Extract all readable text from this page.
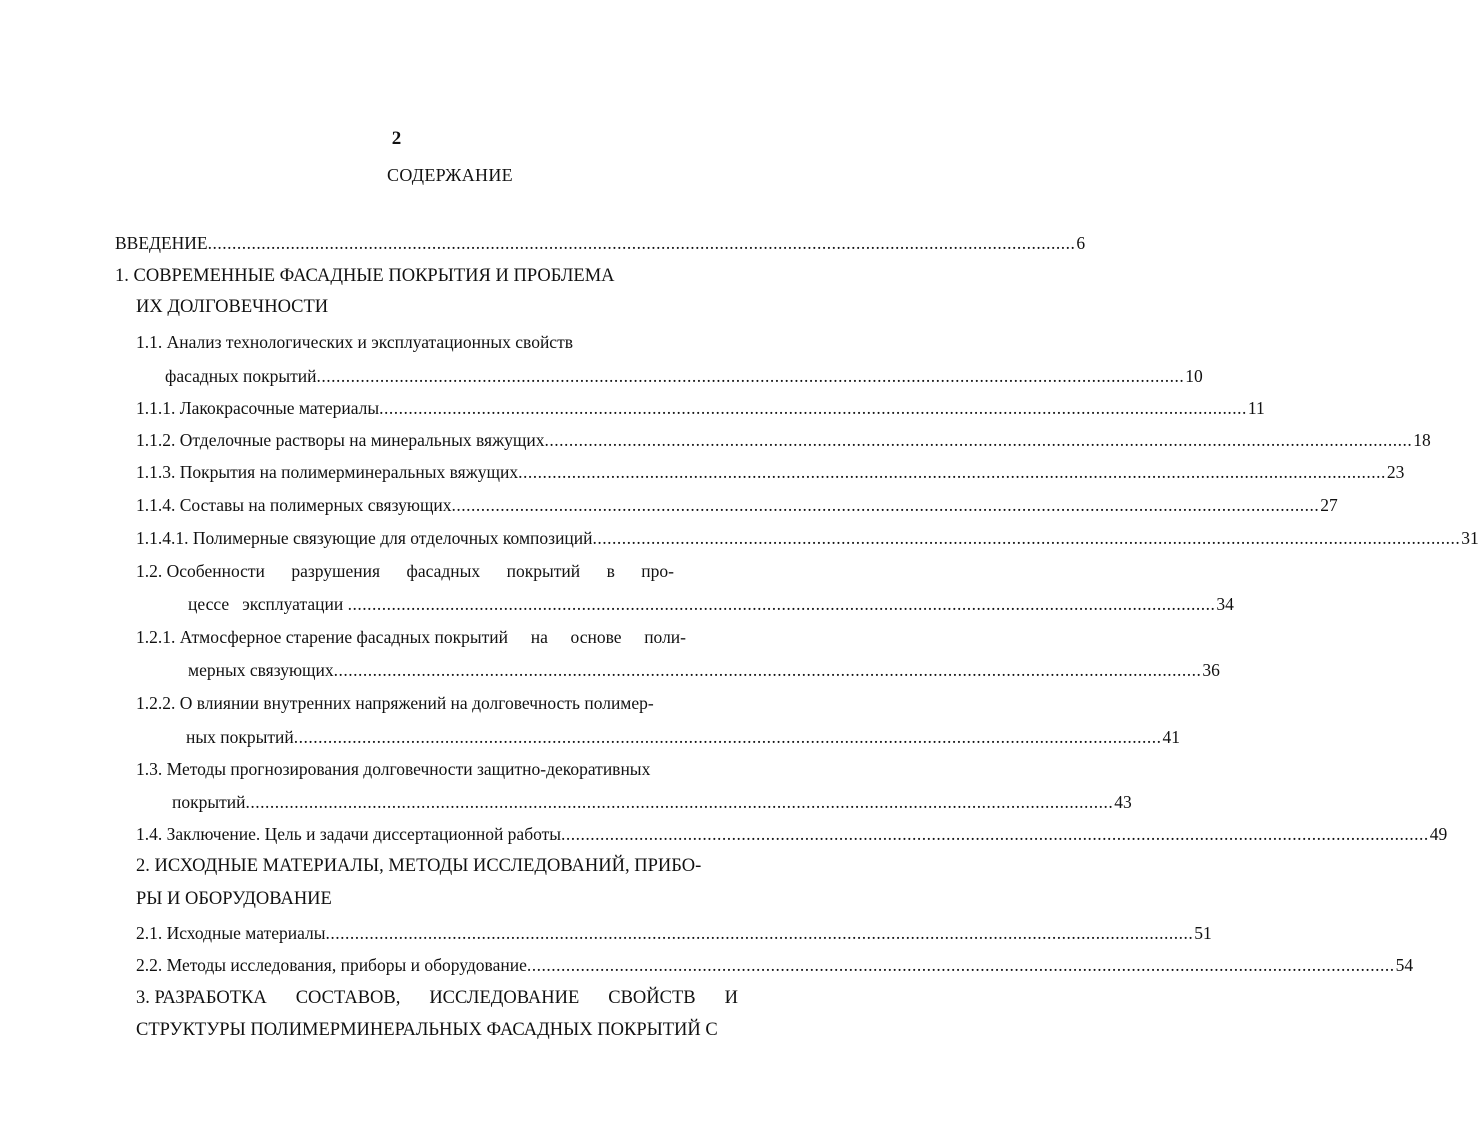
2
СОДЕРЖАНИЕ
ВВЕДЕНИЕ .................................................................................................................................................................................. 6
1. СОВРЕМЕННЫЕ ФАСАДНЫЕ ПОКРЫТИЯ И ПРОБЛЕМА
ИХ ДОЛГОВЕЧНОСТИ
1.1. Анализ технологических и эксплуатационных свойств
фасадных покрытий .................................................................................................................................................................................. 10
1.1.1. Лакокрасочные материалы .................................................................................................................................................................................. 11
1.1.2. Отделочные растворы на минеральных вяжущих .................................................................................................................................................................................. 18
1.1.3. Покрытия на полимерминеральных вяжущих .................................................................................................................................................................................. 23
1.1.4. Составы на полимерных связующих .................................................................................................................................................................................. 27
1.1.4.1. Полимерные связующие для отделочных композиций .................................................................................................................................................................................. 31
1.2. Особенности разрушения фасадных покрытий в про-
цессе   эксплуатации .................................................................................................................................................................................. 34
1.2.1. Атмосферное старение фасадных покрытий на основе поли-
мерных связующих .................................................................................................................................................................................. 36
1.2.2. О влиянии внутренних напряжений на долговечность полимер-
ных покрытий .................................................................................................................................................................................. 41
1.3. Методы прогнозирования долговечности защитно-декоративных
покрытий .................................................................................................................................................................................. 43
1.4. Заключение. Цель и задачи диссертационной работы .................................................................................................................................................................................. 49
2. ИСХОДНЫЕ МАТЕРИАЛЫ, МЕТОДЫ ИССЛЕДОВАНИЙ, ПРИБО-
РЫ И ОБОРУДОВАНИЕ
2.1. Исходные материалы .................................................................................................................................................................................. 51
2.2. Методы исследования, приборы и оборудование .................................................................................................................................................................................. 54
3. РАЗРАБОТКА СОСТАВОВ, ИССЛЕДОВАНИЕ СВОЙСТВ И
СТРУКТУРЫ ПОЛИМЕРМИНЕРАЛЬНЫХ ФАСАДНЫХ ПОКРЫТИЙ С
